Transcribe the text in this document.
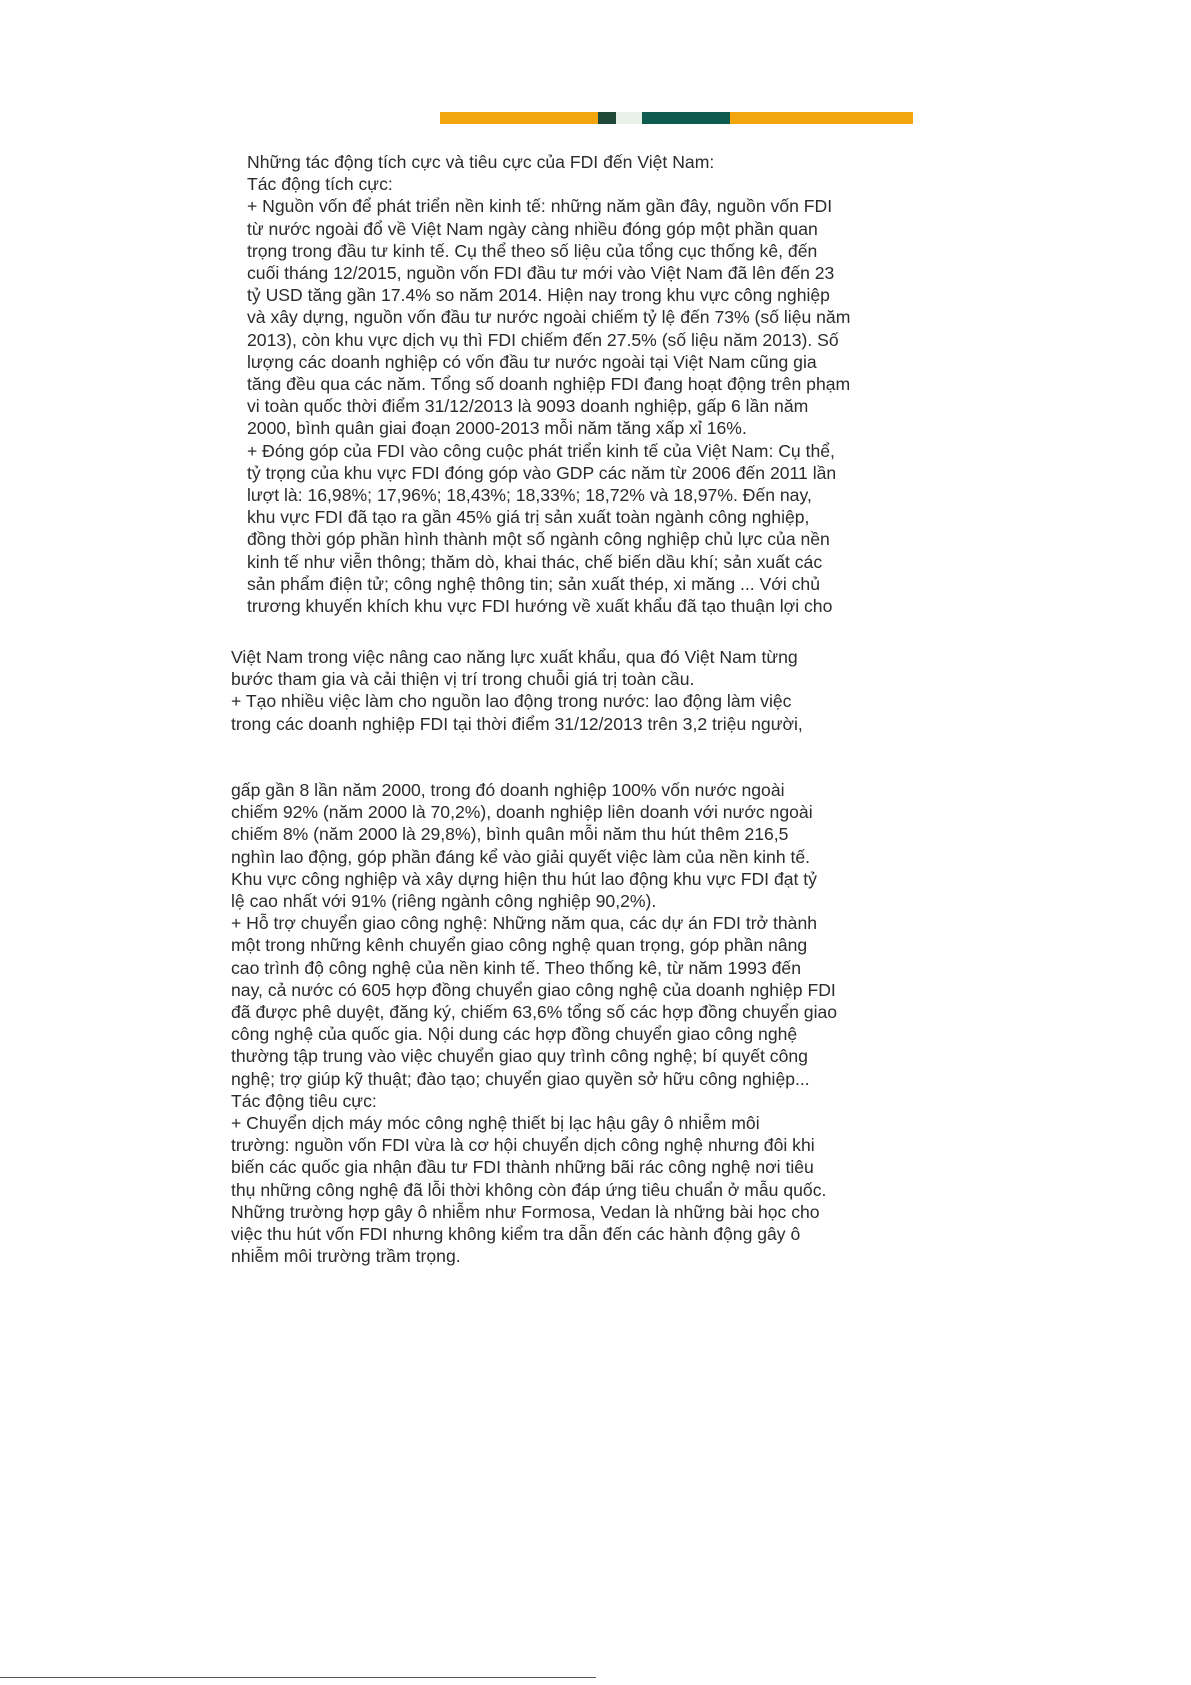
Những tác động tích cực và tiêu cực của FDI đến Việt Nam:
Tác động tích cực:
+ Nguồn vốn để phát triển nền kinh tế: những năm gần đây, nguồn vốn FDI
từ nước ngoài đổ về Việt Nam ngày càng nhiều đóng góp một phần quan
trọng trong đầu tư kinh tế. Cụ thể theo số liệu của tổng cục thống kê, đến
cuối tháng 12/2015, nguồn vốn FDI đầu tư mới vào Việt Nam đã lên đến 23
tỷ USD tăng gần 17.4% so năm 2014. Hiện nay trong khu vực công nghiệp
và xây dựng, nguồn vốn đầu tư nước ngoài chiếm tỷ lệ đến 73% (số liệu năm
2013), còn khu vực dịch vụ thì FDI chiếm đến 27.5% (số liệu năm 2013). Số
lượng các doanh nghiệp có vốn đầu tư nước ngoài tại Việt Nam cũng gia
tăng đều qua các năm. Tổng số doanh nghiệp FDI đang hoạt động trên phạm
vi toàn quốc thời điểm 31/12/2013 là 9093 doanh nghiệp, gấp 6 lần năm
2000, bình quân giai đoạn 2000-2013 mỗi năm tăng xấp xỉ 16%.
+ Đóng góp của FDI vào công cuộc phát triển kinh tế của Việt Nam: Cụ thể,
tỷ trọng của khu vực FDI đóng góp vào GDP các năm từ 2006 đến 2011 lần
lượt là: 16,98%; 17,96%; 18,43%; 18,33%; 18,72% và 18,97%. Đến nay,
khu vực FDI đã tạo ra gần 45% giá trị sản xuất toàn ngành công nghiệp,
đồng thời góp phần hình thành một số ngành công nghiệp chủ lực của nền
kinh tế như viễn thông; thăm dò, khai thác, chế biến dầu khí; sản xuất các
sản phẩm điện tử; công nghệ thông tin; sản xuất thép, xi măng ... Với chủ
trương khuyến khích khu vực FDI hướng về xuất khẩu đã tạo thuận lợi cho
Việt Nam trong việc nâng cao năng lực xuất khẩu, qua đó Việt Nam từng
bước tham gia và cải thiện vị trí trong chuỗi giá trị toàn cầu.
+ Tạo nhiều việc làm cho nguồn lao động trong nước: lao động làm việc
trong các doanh nghiệp FDI tại thời điểm 31/12/2013 trên 3,2 triệu người,
gấp gần 8 lần năm 2000, trong đó doanh nghiệp 100% vốn nước ngoài
chiếm 92% (năm 2000 là 70,2%), doanh nghiệp liên doanh với nước ngoài
chiếm 8% (năm 2000 là 29,8%), bình quân mỗi năm thu hút thêm 216,5
nghìn lao động, góp phần đáng kể vào giải quyết việc làm của nền kinh tế.
Khu vực công nghiệp và xây dựng hiện thu hút lao động khu vực FDI đạt tỷ
lệ cao nhất với 91% (riêng ngành công nghiệp 90,2%).
+ Hỗ trợ chuyển giao công nghệ: Những năm qua, các dự án FDI trở thành
một trong những kênh chuyển giao công nghệ quan trọng, góp phần nâng
cao trình độ công nghệ của nền kinh tế. Theo thống kê, từ năm 1993 đến
nay, cả nước có 605 hợp đồng chuyển giao công nghệ của doanh nghiệp FDI
đã được phê duyệt, đăng ký, chiếm 63,6% tổng số các hợp đồng chuyển giao
công nghệ của quốc gia. Nội dung các hợp đồng chuyển giao công nghệ
thường tập trung vào việc chuyển giao quy trình công nghệ; bí quyết công
nghệ; trợ giúp kỹ thuật; đào tạo; chuyển giao quyền sở hữu công nghiệp...
Tác động tiêu cực:
+ Chuyển dịch máy móc công nghệ thiết bị lạc hậu gây ô nhiễm môi
trường: nguồn vốn FDI vừa là cơ hội chuyển dịch công nghệ nhưng đôi khi
biến các quốc gia nhận đầu tư FDI thành những bãi rác công nghệ nơi tiêu
thụ những công nghệ đã lỗi thời không còn đáp ứng tiêu chuẩn ở mẫu quốc.
Những trường hợp gây ô nhiễm như Formosa, Vedan là những bài học cho
việc thu hút vốn FDI nhưng không kiểm tra dẫn đến các hành động gây ô
nhiễm môi trường trầm trọng.
